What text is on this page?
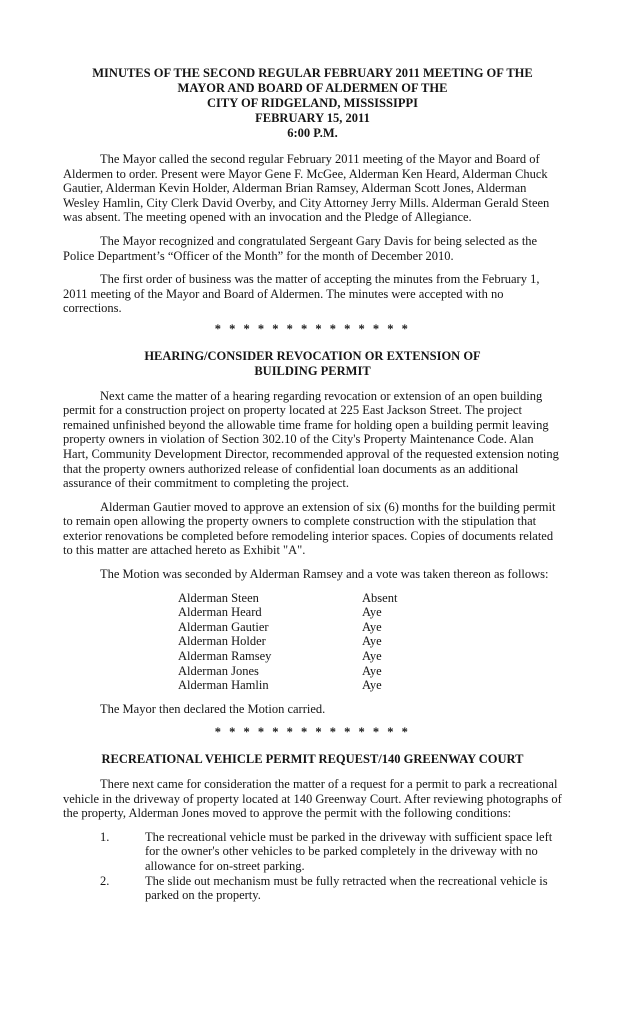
MINUTES OF THE SECOND REGULAR FEBRUARY 2011 MEETING OF THE
MAYOR AND BOARD OF ALDERMEN OF THE
CITY OF RIDGELAND, MISSISSIPPI
FEBRUARY 15, 2011
6:00 P.M.

The Mayor called the second regular February 2011 meeting of the Mayor and Board of Aldermen to order. Present were Mayor Gene F. McGee, Alderman Ken Heard, Alderman Chuck Gautier, Alderman Kevin Holder, Alderman Brian Ramsey, Alderman Scott Jones, Alderman Wesley Hamlin, City Clerk David Overby, and City Attorney Jerry Mills. Alderman Gerald Steen was absent. The meeting opened with an invocation and the Pledge of Allegiance.

The Mayor recognized and congratulated Sergeant Gary Davis for being selected as the Police Department’s “Officer of the Month” for the month of December 2010.

The first order of business was the matter of accepting the minutes from the February 1, 2011 meeting of the Mayor and Board of Aldermen. The minutes were accepted with no corrections.

* * * * * * * * * * * * * *
HEARING/CONSIDER REVOCATION OR EXTENSION OF
BUILDING PERMIT

Next came the matter of a hearing regarding revocation or extension of an open building permit for a construction project on property located at 225 East Jackson Street. The project remained unfinished beyond the allowable time frame for holding open a building permit leaving property owners in violation of Section 302.10 of the City's Property Maintenance Code. Alan Hart, Community Development Director, recommended approval of the requested extension noting that the property owners authorized release of confidential loan documents as an additional assurance of their commitment to completing the project.

Alderman Gautier moved to approve an extension of six (6) months for the building permit to remain open allowing the property owners to complete construction with the stipulation that exterior renovations be completed before remodeling interior spaces. Copies of documents related to this matter are attached hereto as Exhibit "A".

The Motion was seconded by Alderman Ramsey and a vote was taken thereon as follows:

Alderman Steen	Absent
Alderman Heard	Aye
Alderman Gautier	Aye
Alderman Holder	Aye
Alderman Ramsey	Aye
Alderman Jones	Aye
Alderman Hamlin	Aye

The Mayor then declared the Motion carried.

* * * * * * * * * * * * * *
RECREATIONAL VEHICLE PERMIT REQUEST/140 GREENWAY COURT

There next came for consideration the matter of a request for a permit to park a recreational vehicle in the driveway of property located at 140 Greenway Court. After reviewing photographs of the property, Alderman Jones moved to approve the permit with the following conditions:

1.	The recreational vehicle must be parked in the driveway with sufficient space left for the owner's other vehicles to be parked completely in the driveway with no allowance for on-street parking.
2.	The slide out mechanism must be fully retracted when the recreational vehicle is parked on the property.
